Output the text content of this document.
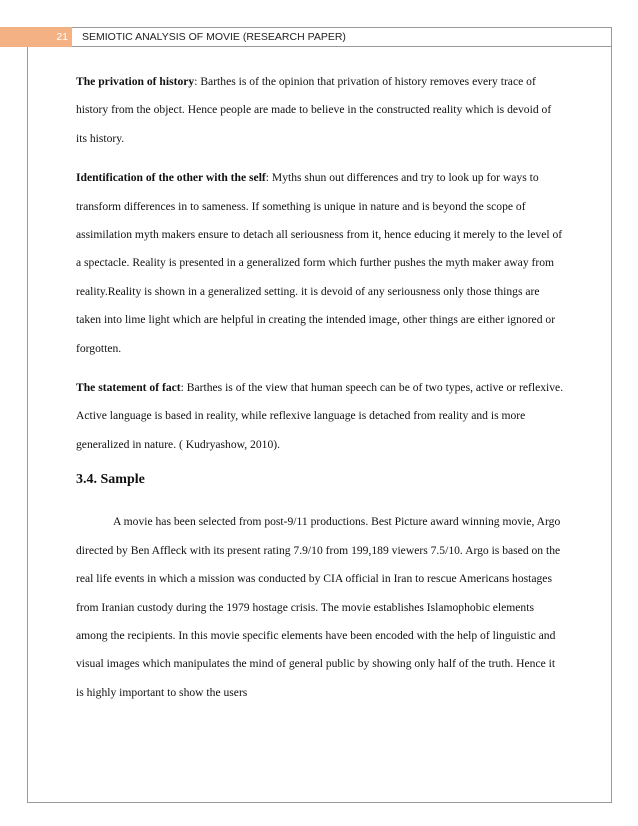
21	SEMIOTIC ANALYSIS OF MOVIE (RESEARCH PAPER)

The privation of history: Barthes is of the opinion that privation of history removes every trace of history from the object. Hence people are made to believe in the constructed reality which is devoid of its history.

Identification of the other with the self: Myths shun out differences and try to look up for ways to transform differences in to sameness. If something is unique in nature and is beyond the scope of assimilation myth makers ensure to detach all seriousness from it, hence educing it merely to the level of a spectacle. Reality is presented in a generalized form which further pushes the myth maker away from reality.Reality is shown in a generalized setting. it is devoid of any seriousness only those things are taken into lime light which are helpful in creating the intended image, other things are either ignored or forgotten.

The statement of fact: Barthes is of the view that human speech can be of two types, active or reflexive. Active language is based in reality, while reflexive language is detached from reality and is more generalized in nature. ( Kudryashow, 2010).

3.4. Sample

A movie has been selected from post-9/11 productions. Best Picture award winning movie, Argo directed by Ben Affleck with its present rating 7.9/10 from 199,189 viewers 7.5/10. Argo is based on the real life events in which a mission was conducted by CIA official in Iran to rescue Americans hostages from Iranian custody during the 1979 hostage crisis. The movie establishes Islamophobic elements among the recipients. In this movie specific elements have been encoded with the help of linguistic and visual images which manipulates the mind of general public by showing only half of the truth. Hence it is highly important to show the users
